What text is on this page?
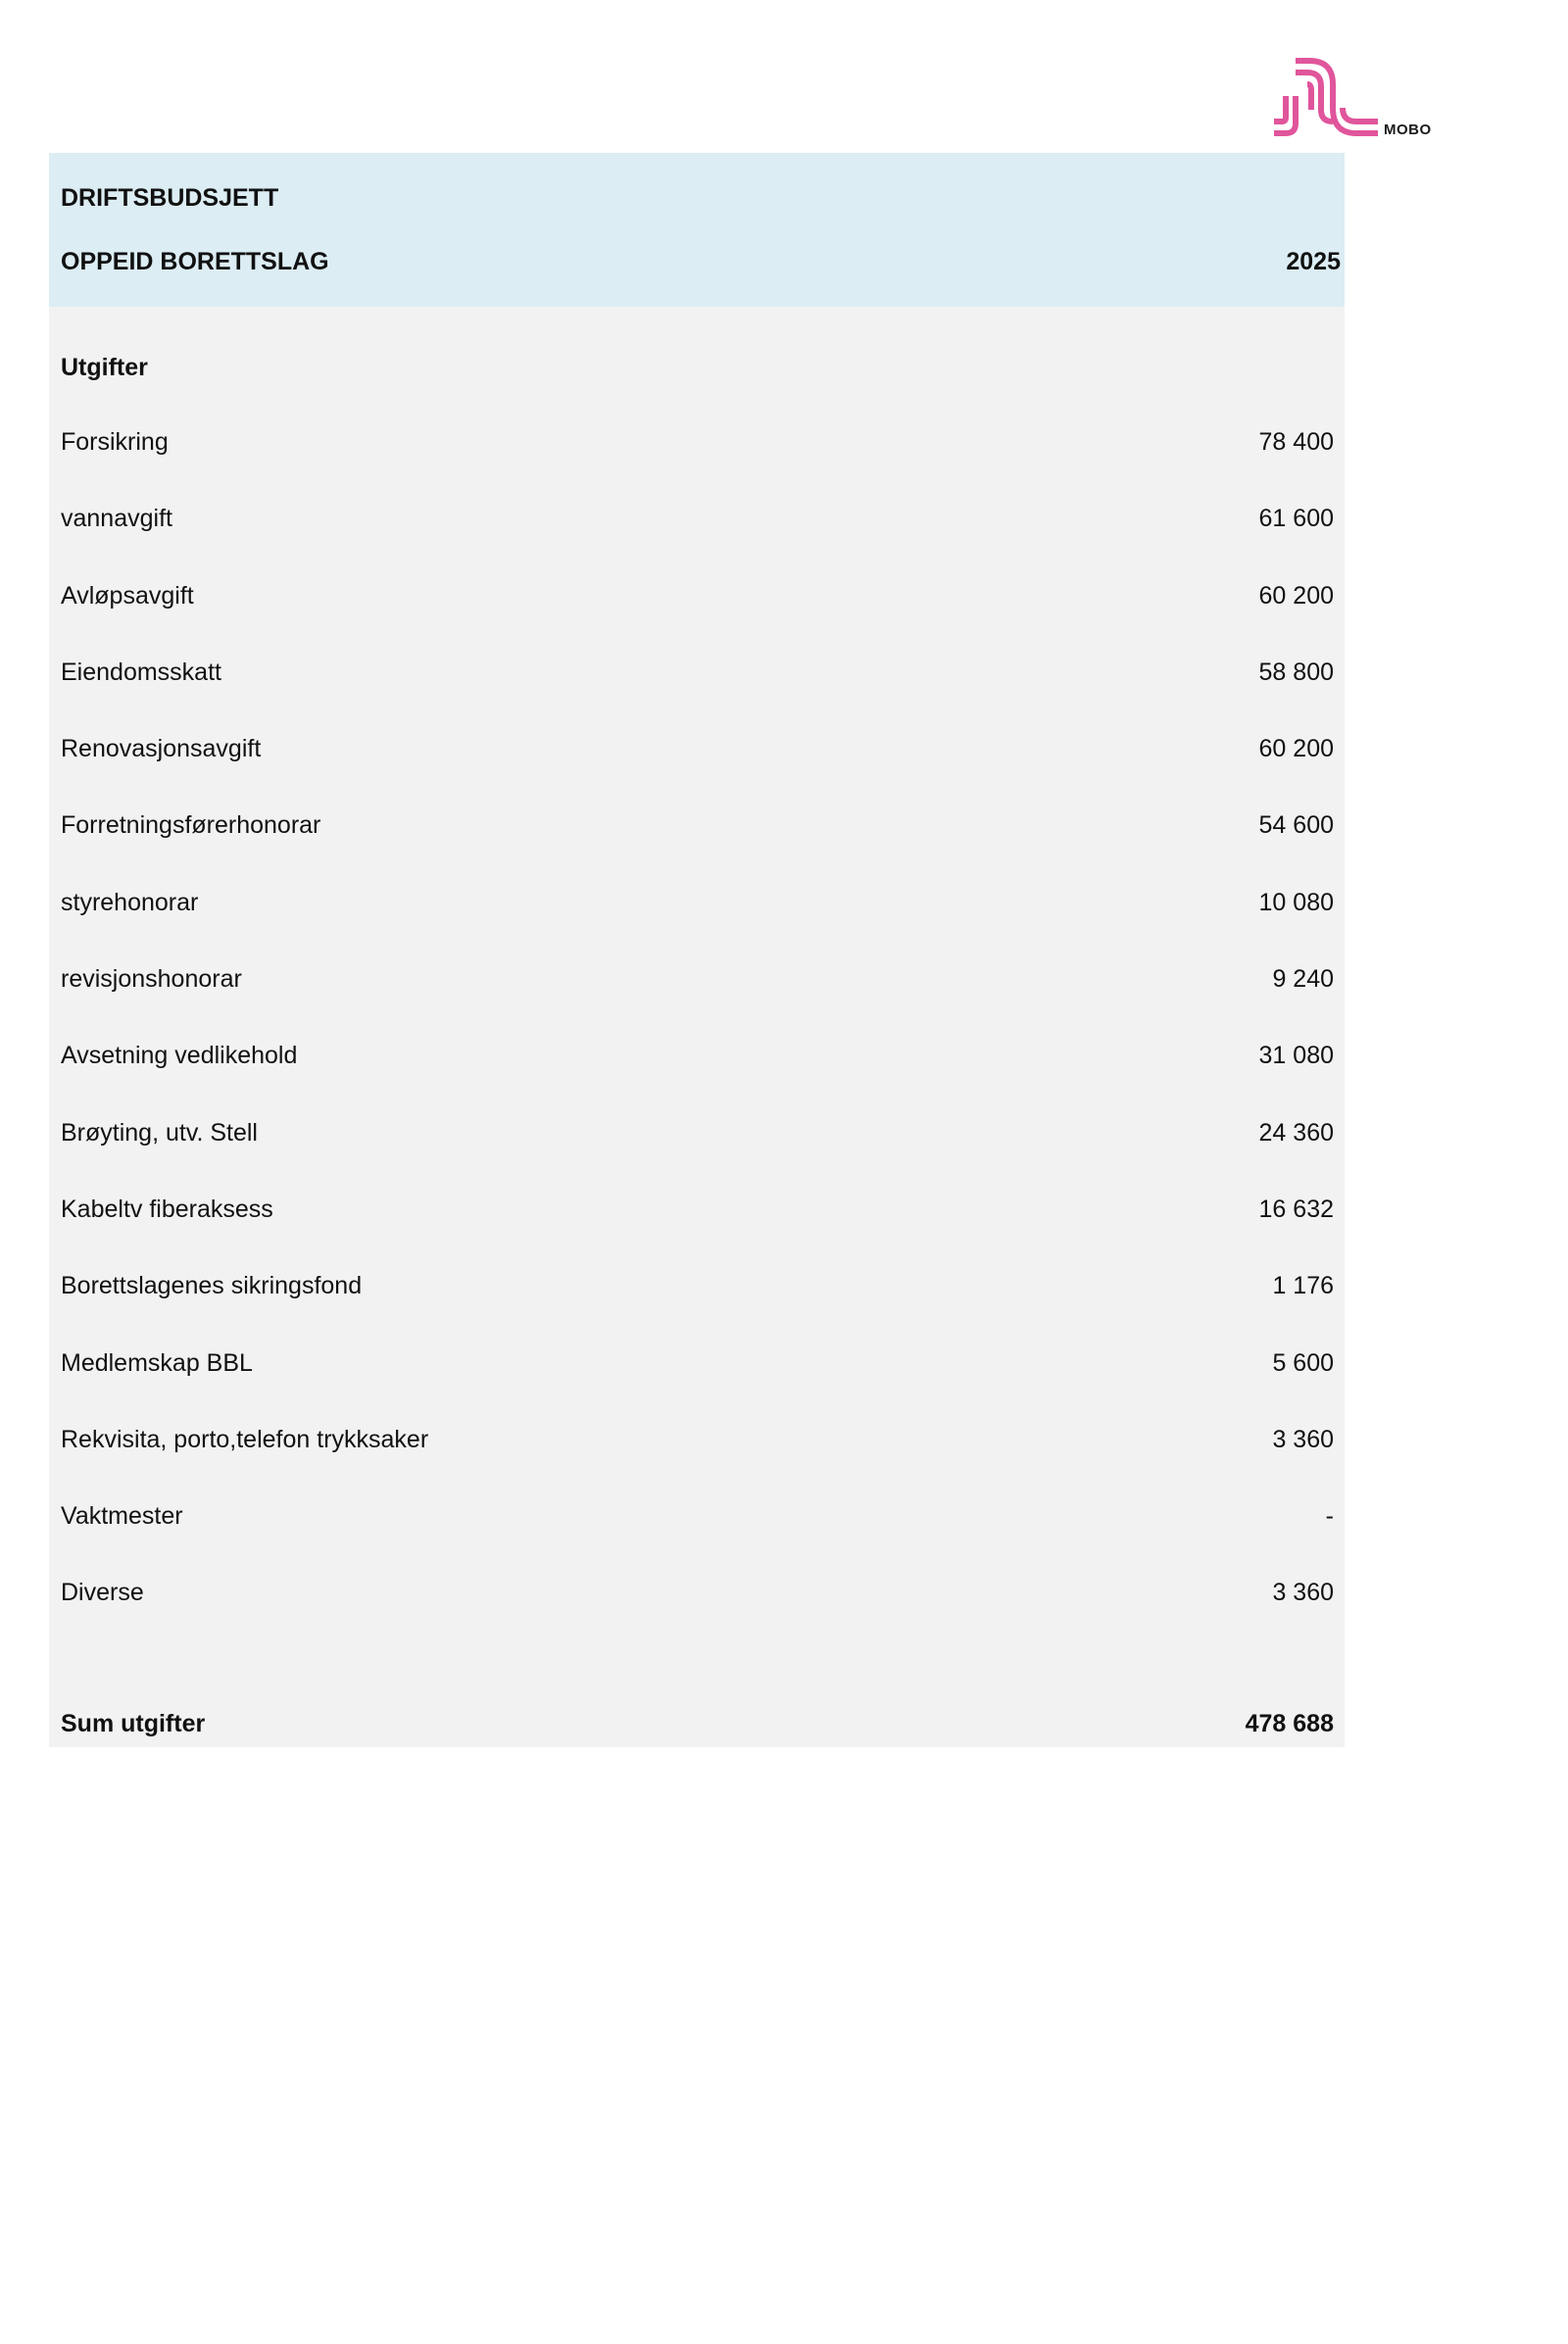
MOBO
DRIFTSBUDSJETT
OPPEID BORETTSLAG	2025
Utgifter
Forsikring	78 400
vannavgift	61 600
Avløpsavgift	60 200
Eiendomsskatt	58 800
Renovasjonsavgift	60 200
Forretningsførerhonorar	54 600
styrehonorar	10 080
revisjonshonorar	9 240
Avsetning vedlikehold	31 080
Brøyting, utv. Stell	24 360
Kabeltv fiberaksess	16 632
Borettslagenes sikringsfond	1 176
Medlemskap BBL	5 600
Rekvisita, porto,telefon trykksaker	3 360
Vaktmester	-
Diverse	3 360
Sum utgifter	478 688
